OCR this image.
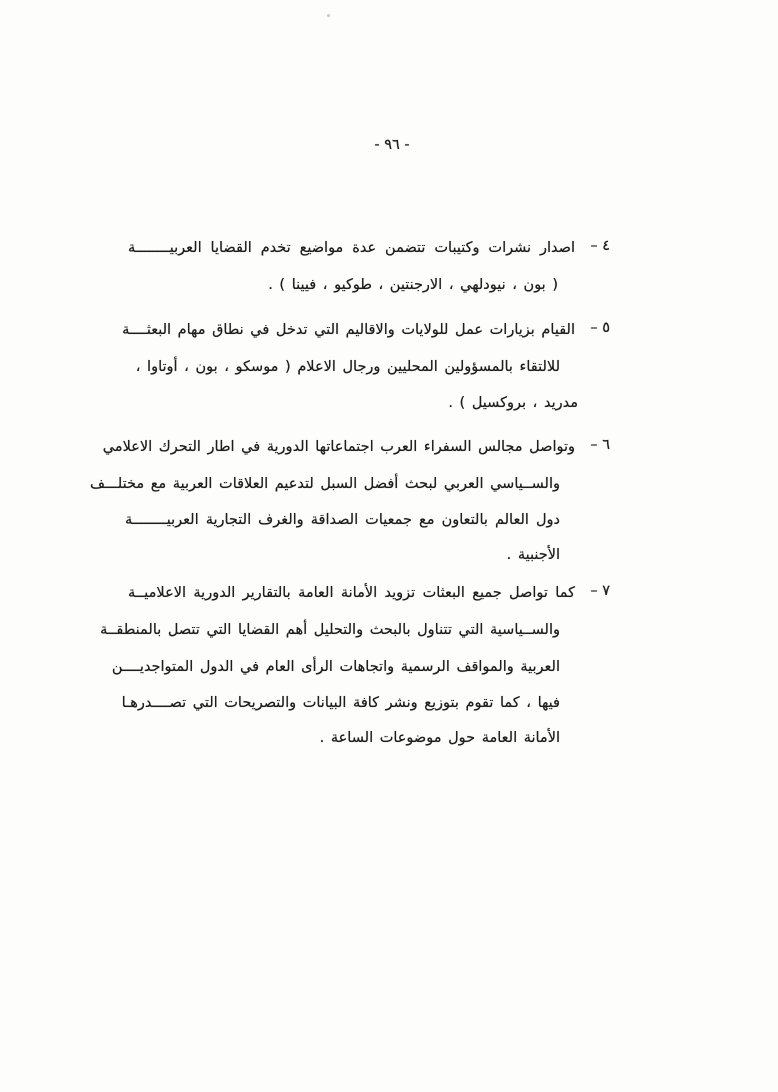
- ٩٦ -
٤ –
اصدار نشرات وكتيبات تتضمن عدة مواضيع تخدم القضايا العربيــــــــة
( بون ، نيودلهي ، الارجنتين ، طوكيو ، فيينا ) .
٥ –
القيام بزيارات عمل للولايات والاقاليم التي تدخل في نطاق مهام البعثــــة
للالتقاء بالمسؤولين المحليين ورجال الاعلام ( موسكو ، بون ، أوتاوا ،
مدريد ، بروكسيل ) .
٦ –
وتواصل مجالس السفراء العرب اجتماعاتها الدورية في اطار التحرك الاعلامي
والســياسي العربي لبحث أفضل السبل لتدعيم العلاقات العربية مع مختلـــف
دول العالم بالتعاون مع جمعيات الصداقة والغرف التجارية العربيــــــــة
الأجنبية .
٧ –
كما تواصل جميع البعثات تزويد الأمانة العامة بالتقارير الدورية الاعلاميــة
والســياسية التي تتناول بالبحث والتحليل أهم القضايا التي تتصل بالمنطقــة
العربية والمواقف الرسمية واتجاهات الرأى العام في الدول المتواجديــــن
فيها ، كما تقوم بتوزيع ونشر كافة البيانات والتصريحات التي تصــــدرهـا
الأمانة العامة حول موضوعات الساعة .
